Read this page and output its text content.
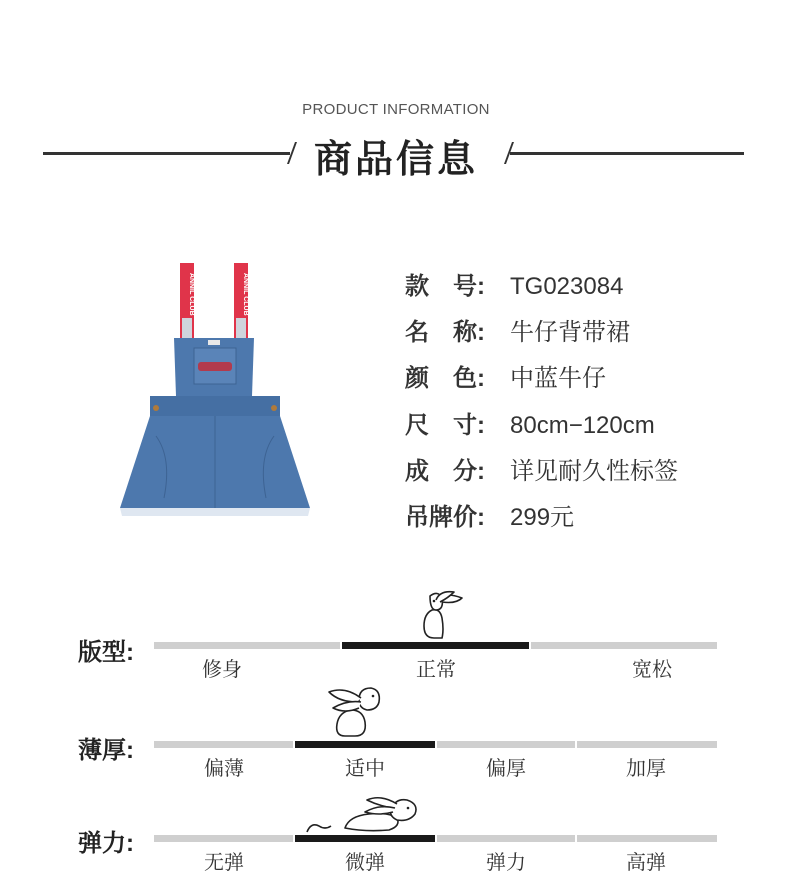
PRODUCT INFORMATION
商品信息
ANNIL CLUB	ANNIL CLUB	款　号: TG023084
名　称: 牛仔背带裙
颜　色: 中蓝牛仔
尺　寸: 80cm−120cm
成　分: 详见耐久性标签
吊牌价: 299元
版型:
修身	正常	宽松
薄厚:
偏薄	适中	偏厚	加厚
弹力:
无弹	微弹	弹力	高弹
